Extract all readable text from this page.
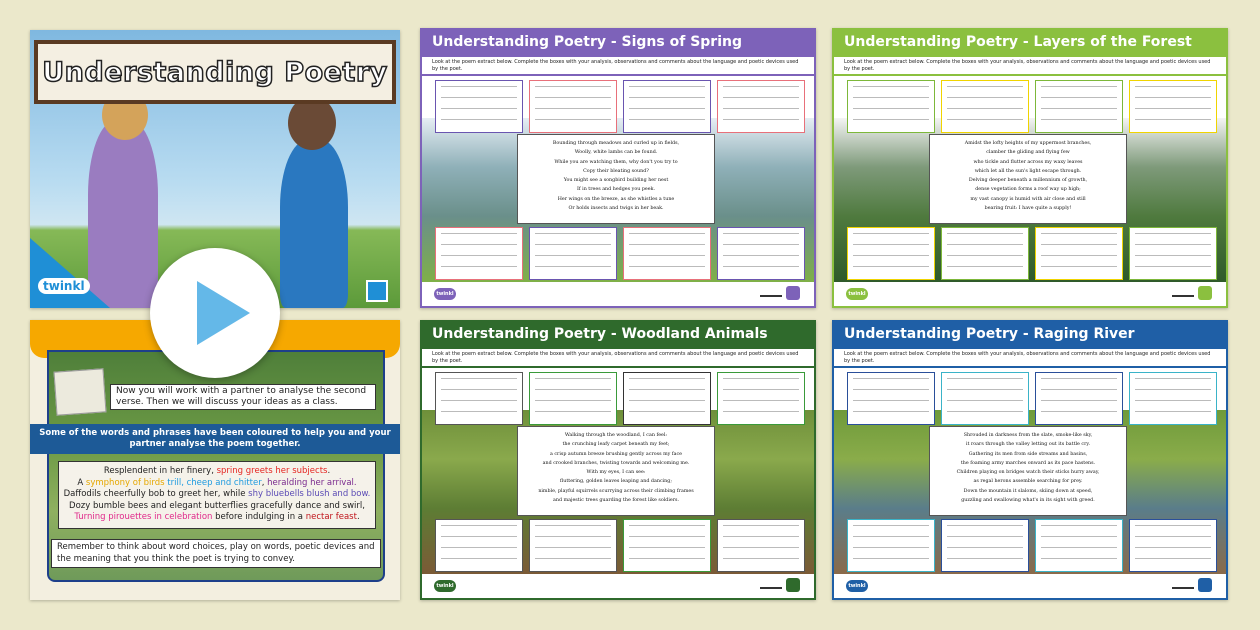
Understanding Poetry
twinkl
Now you will work with a partner to analyse the second verse. Then we will discuss your ideas as a class.
Some of the words and phrases have been coloured to help you and your partner analyse the poem together.
Resplendent in her finery, spring greets her subjects.
A symphony of birds trill, cheep and chitter, heralding her arrival.
Daffodils cheerfully bob to greet her, while shy bluebells blush and bow.
Dozy bumble bees and elegant butterflies gracefully dance and swirl,
Turning pirouettes in celebration before indulging in a nectar feast.
Remember to think about word choices, play on words, poetic devices and the meaning that you think the poet is trying to convey.
Understanding Poetry - Signs of Spring
Look at the poem extract below. Complete the boxes with your analysis, observations and comments about the language and poetic devices used by the poet.
Bounding through meadows and curled up in fields,
Woolly, white lambs can be found.
While you are watching them, why don't you try to
Copy their bleating sound?
You might see a songbird building her nest
If in trees and hedges you peek.
Her wings on the breeze, as she whistles a tune
Or holds insects and twigs in her beak.
twinkl
Understanding Poetry - Layers of the Forest
Look at the poem extract below. Complete the boxes with your analysis, observations and comments about the language and poetic devices used by the poet.
Amidst the lofty heights of my uppermost branches,
clamber the gliding and flying few
who tickle and flutter across my waxy leaves
which let all the sun's light escape through.
Delving deeper beneath a millennium of growth,
dense vegetation forms a roof way up high;
my vast canopy is humid with air close and still
bearing fruit: I have quite a supply!
twinkl
Understanding Poetry - Woodland Animals
Look at the poem extract below. Complete the boxes with your analysis, observations and comments about the language and poetic devices used by the poet.
Walking through the woodland, I can feel:
the crunching leafy carpet beneath my feet;
a crisp autumn breeze brushing gently across my face
and crooked branches, twisting towards and welcoming me.
With my eyes, I can see:
fluttering, golden leaves leaping and dancing;
nimble, playful squirrels scurrying across their climbing frames
and majestic trees guarding the forest like soldiers.
twinkl
Understanding Poetry - Raging River
Look at the poem extract below. Complete the boxes with your analysis, observations and comments about the language and poetic devices used by the poet.
Shrouded in darkness from the slate, smoke-like sky,
it roars through the valley letting out its battle cry.
Gathering its men from side streams and basins,
the foaming army marches onward as its pace hastens.
Children playing on bridges watch their sticks hurry away,
as regal herons assemble searching for prey.
Down the mountain it slaloms, skiing down at speed,
guzzling and swallowing what's in its sight with greed.
twinkl
